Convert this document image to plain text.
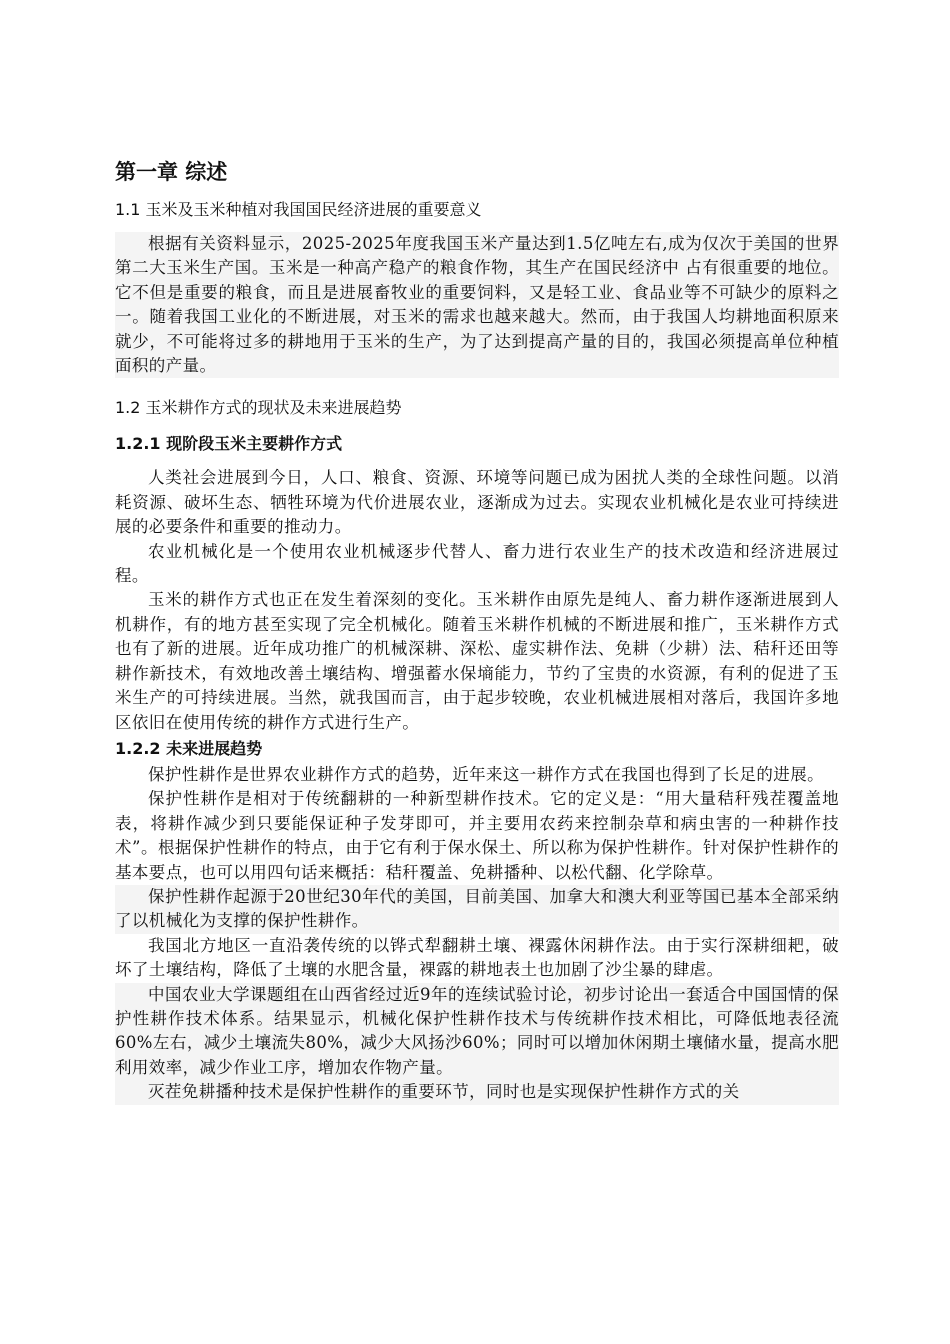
第一章 综述
1.1 玉米及玉米种植对我国国民经济进展的重要意义

根据有关资料显示，2025-2025年度我国玉米产量达到1.5亿吨左右,成为仅次于美国的世界第二大玉米生产国。玉米是一种高产稳产的粮食作物，其生产在国民经济中 占有很重要的地位。它不但是重要的粮食，而且是进展畜牧业的重要饲料，又是轻工业、食品业等不可缺少的原料之一。随着我国工业化的不断进展，对玉米的需求也越来越大。然而，由于我国人均耕地面积原来就少，不可能将过多的耕地用于玉米的生产，为了达到提高产量的目的，我国必须提高单位种植面积的产量。

1.2 玉米耕作方式的现状及未来进展趋势
1.2.1 现阶段玉米主要耕作方式

人类社会进展到今日，人口、粮食、资源、环境等问题已成为困扰人类的全球性问题。以消耗资源、破坏生态、牺牲环境为代价进展农业，逐渐成为过去。实现农业机械化是农业可持续进展的必要条件和重要的推动力。

农业机械化是一个使用农业机械逐步代替人、畜力进行农业生产的技术改造和经济进展过程。

玉米的耕作方式也正在发生着深刻的变化。玉米耕作由原先是纯人、畜力耕作逐渐进展到人机耕作，有的地方甚至实现了完全机械化。随着玉米耕作机械的不断进展和推广，玉米耕作方式也有了新的进展。近年成功推广的机械深耕、深松、虚实耕作法、免耕（少耕）法、秸秆还田等耕作新技术，有效地改善土壤结构、增强蓄水保墒能力，节约了宝贵的水资源，有利的促进了玉米生产的可持续进展。当然，就我国而言，由于起步较晚，农业机械进展相对落后，我国许多地区依旧在使用传统的耕作方式进行生产。

1.2.2 未来进展趋势

保护性耕作是世界农业耕作方式的趋势，近年来这一耕作方式在我国也得到了长足的进展。

保护性耕作是相对于传统翻耕的一种新型耕作技术。它的定义是：“用大量秸秆残茬覆盖地表，将耕作减少到只要能保证种子发芽即可，并主要用农药来控制杂草和病虫害的一种耕作技术”。根据保护性耕作的特点，由于它有利于保水保土、所以称为保护性耕作。针对保护性耕作的基本要点，也可以用四句话来概括：秸秆覆盖、免耕播种、以松代翻、化学除草。

保护性耕作起源于20世纪30年代的美国，目前美国、加拿大和澳大利亚等国已基本全部采纳了以机械化为支撑的保护性耕作。

我国北方地区一直沿袭传统的以铧式犁翻耕土壤、裸露休闲耕作法。由于实行深耕细耙，破坏了土壤结构，降低了土壤的水肥含量，裸露的耕地表土也加剧了沙尘暴的肆虐。

中国农业大学课题组在山西省经过近9年的连续试验讨论，初步讨论出一套适合中国国情的保护性耕作技术体系。结果显示，机械化保护性耕作技术与传统耕作技术相比，可降低地表径流60%左右，减少土壤流失80%，减少大风扬沙60%；同时可以增加休闲期土壤储水量，提高水肥利用效率，减少作业工序，增加农作物产量。

灭茬免耕播种技术是保护性耕作的重要环节，同时也是实现保护性耕作方式的关
